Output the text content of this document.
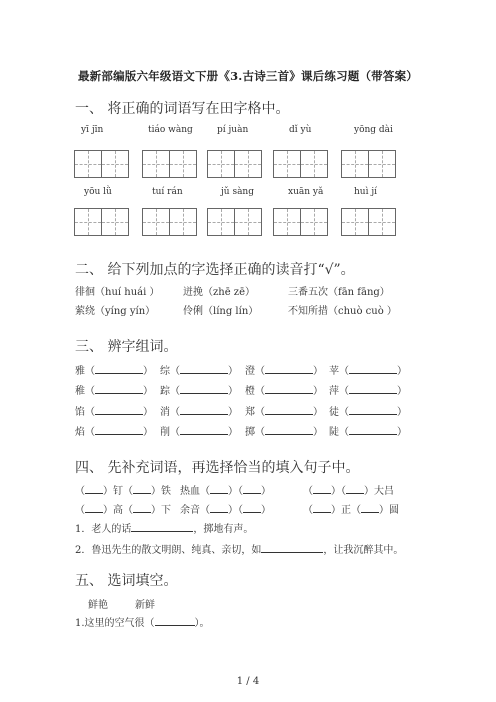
最新部编版六年级语文下册《3.古诗三首》课后练习题（带答案）
一、 将正确的词语写在田字格中。
yī jīn	tiáo wàng	pí juàn	dǐ yù	yōng dài
yōu lǜ	tuí rán	jǔ sàng	xuān yǎ	huì jí
二、 给下列加点的字选择正确的读音打“√”。
徘徊（huí huái ） 迸挽（zhē zē）	三番五次（fān fāng）
萦绕（yíng yín）	伶俐（líng lín）	不知所措（chuò cuò ）
三、 辨字组词。
雅（	） 综（	） 澄（	） 苹（	）
稚（	） 踪（	） 橙（	） 萍（	）
馅（	） 消（	） 郑（	） 徒（	）
焰（	） 削（	） 掷（	） 陡（	）
四、 先补充词语，再选择恰当的填入句子中。
（ ）钉（ ）铁 热血（ ）（ ）	（ ）（ ）大吕
（ ）高（ ）下 余音（ ）（ ）	（ ）正（ ）圆
1．老人的话	，掷地有声。
2．鲁迅先生的散文明朗、纯真、亲切，如	，让我沉醉其中。
五、 选词填空。
鲜艳	新鲜
1.这里的空气很（	）。
1 / 4
